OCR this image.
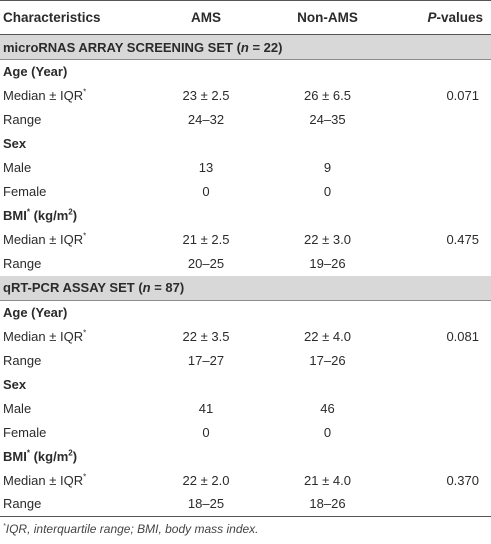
Characteristics	AMS	Non-AMS	P-values
microRNAS ARRAY SCREENING SET (n = 22)			
Age (Year)			
Median ± IQR*	23 ± 2.5	26 ± 6.5	0.071
Range	24–32	24–35	
Sex			
Male	13	9	
Female	0	0	
BMI* $(kg/m^2)$			
Median ± IQR*	21 ± 2.5	22 ± 3.0	0.475
Range	20–25	19–26	
qRT-PCR ASSAY SET (n = 87)			
Age (Year)			
Median ± IQR*	22 ± 3.5	22 ± 4.0	0.081
Range	17–27	17–26	
Sex			
Male	41	46	
Female	0	0	
BMI* $(kg/m^2)$			
Median ± IQR*	22 ± 2.0	21 ± 4.0	0.370
Range	18–25	18–26	
*IQR, interquartile range; BMI, body mass index.
